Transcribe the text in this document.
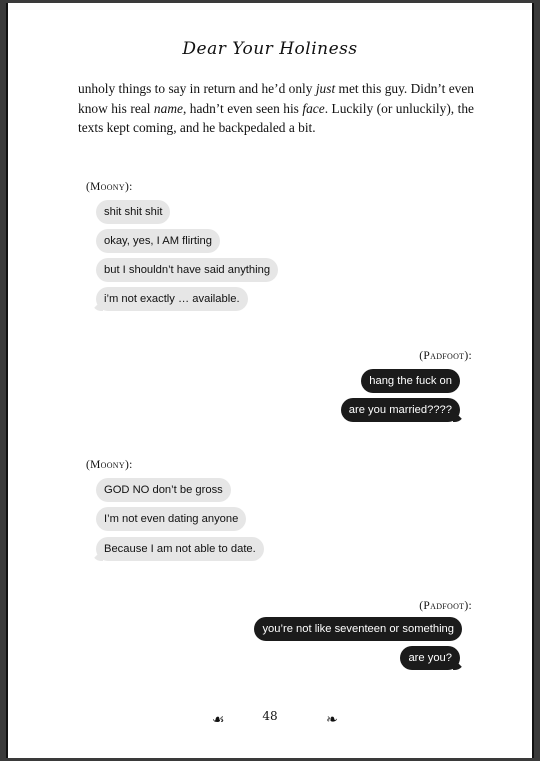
Dear Your Holiness
unholy things to say in return and he’d only just met this guy. Didn’t even know his real name, hadn’t even seen his face. Luckily (or unluckily), the texts kept coming, and he backpedaled a bit.
(Moony):
shit shit shit
okay, yes, I AM flirting
but I shouldn’t have said anything
i’m not exactly … available.
(Padfoot):
hang the fuck on
are you married????
(Moony):
GOD NO don’t be gross
I’m not even dating anyone
Because I am not able to date.
(Padfoot):
you’re not like seventeen or something
are you?
☙	48	❧
